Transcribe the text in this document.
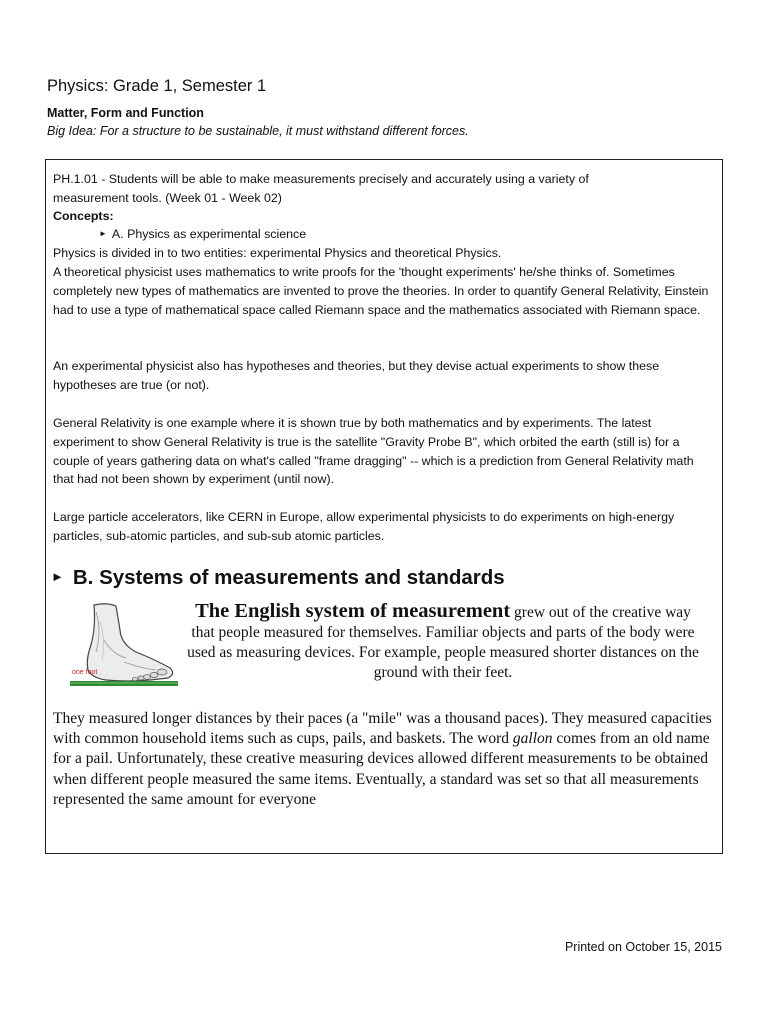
Physics: Grade 1, Semester 1
Matter, Form and Function
Big Idea: For a structure to be sustainable, it must withstand different forces.

PH.1.01 - Students will be able to make measurements precisely and accurately using a variety of

measurement tools. (Week 01 - Week 02)

Concepts:

► A. Physics as experimental science

Physics is divided in to two entities: experimental Physics and theoretical Physics.

A theoretical physicist uses mathematics to write proofs for the 'thought experiments' he/she thinks of. Sometimes completely new types of mathematics are invented to prove the theories. In order to quantify General Relativity, Einstein had to use a type of mathematical space called Riemann space and the mathematics associated with Riemann space.

An experimental physicist also has hypotheses and theories, but they devise actual experiments to show these hypotheses are true (or not).

General Relativity is one example where it is shown true by both mathematics and by experiments. The latest experiment to show General Relativity is true is the satellite "Gravity Probe B", which orbited the earth (still is) for a couple of years gathering data on what's called "frame dragging" -- which is a prediction from General Relativity math that had not been shown by experiment (until now).

Large particle accelerators, like CERN in Europe, allow experimental physicists to do experiments on high-energy particles, sub-atomic particles, and sub-sub atomic particles.

► B. Systems of measurements and standards
one foot

The English system of measurement grew out of the creative way that people measured for themselves. Familiar objects and parts of the body were used as measuring devices. For example, people measured shorter distances on the ground with their feet.

They measured longer distances by their paces (a "mile" was a thousand paces). They measured capacities with common household items such as cups, pails, and baskets. The word gallon comes from an old name for a pail. Unfortunately, these creative measuring devices allowed different measurements to be obtained when different people measured the same items. Eventually, a standard was set so that all measurements represented the same amount for everyone

Printed on October 15, 2015
